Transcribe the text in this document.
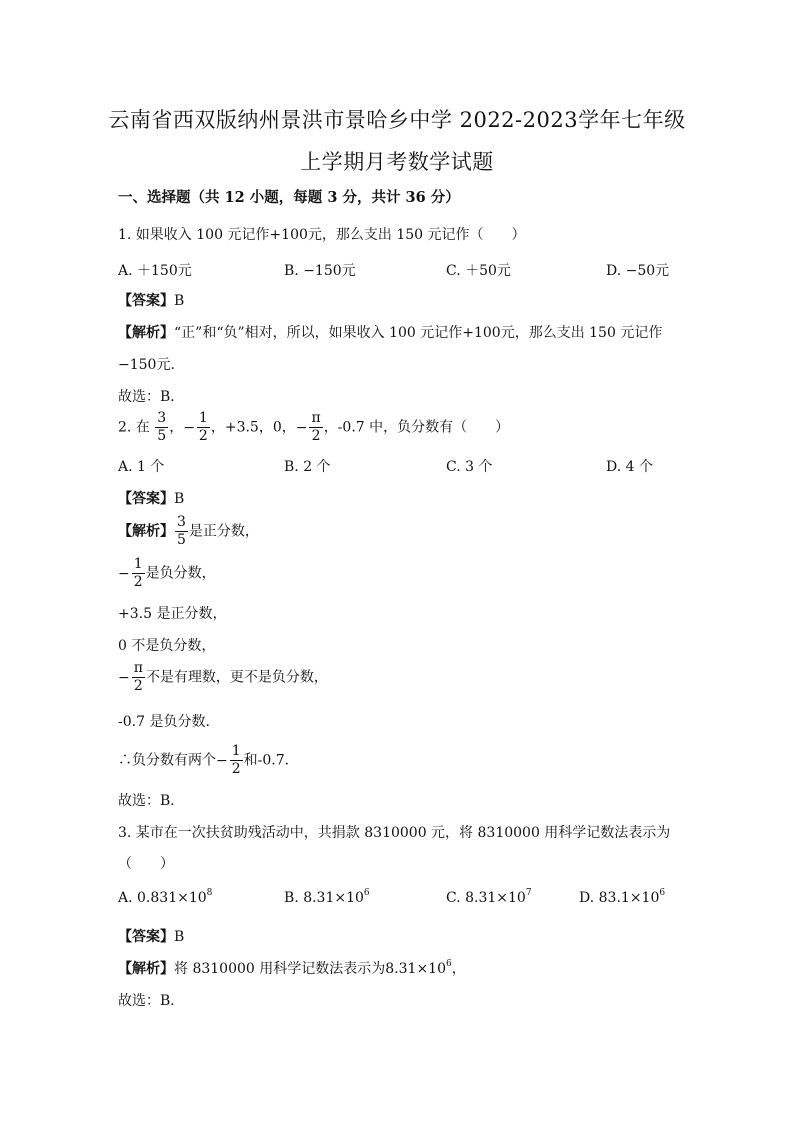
云南省西双版纳州景洪市景哈乡中学 2022-2023学年七年级
上学期月考数学试题
一、选择题（共 12 小题，每题 3 分，共计 36 分）
1. 如果收入 100 元记作+100元，那么支出 150 元记作（　　）
A. ＋150元	B. −150元	C. ＋50元	D. −50元
【答案】B
【解析】“正”和“负”相对，所以，如果收入 100 元记作+100元，那么支出 150 元记作
−150元.
故选：B．
2. 在 $\frac{3}{5}$ ，− $\frac{1}{2}$ ，+3.5，0，− $\frac{\pi}{2}$ ，-0.7 中，负分数有（　　）
A. 1 个	B. 2 个	C. 3 个	D. 4 个
【答案】B
【解析】 $\frac{3}{5}$ 是正分数，
− $\frac{1}{2}$ 是负分数，
+3.5 是正分数，
0 不是负分数，
− $\frac{\pi}{2}$ 不是有理数，更不是负分数，
-0.7 是负分数.
∴负分数有两个− $\frac{1}{2}$ 和-0.7.
故选：B．
3. 某市在一次扶贫助残活动中，共捐款 8310000 元，将 8310000 用科学记数法表示为
（　　）
A. $0.831\times 10^8$	B. $8.31\times 10^6$	C. $8.31\times 10^7$	D. $83.1\times 10^6$
【答案】B
【解析】将 8310000 用科学记数法表示为$8.31\times 10^6$，
故选：B．
